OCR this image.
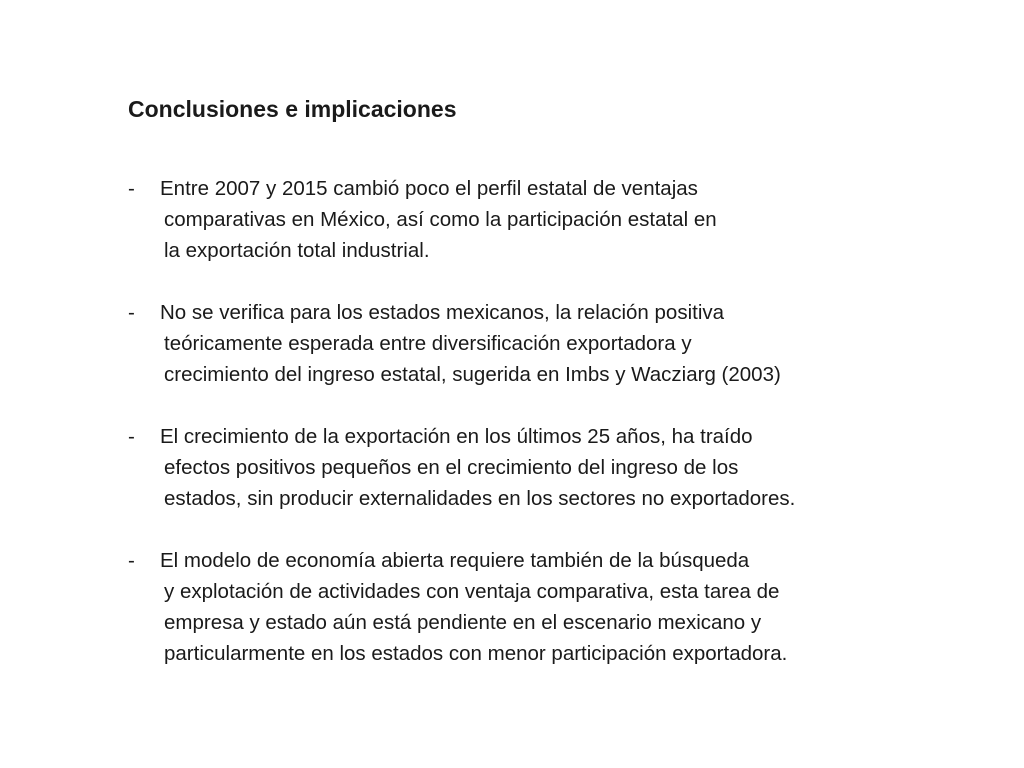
Conclusiones e implicaciones
- Entre 2007 y 2015 cambió poco el perfil estatal de ventajas
comparativas en México, así como la participación estatal en
la exportación total industrial.
- No se verifica para los estados mexicanos, la relación positiva
teóricamente esperada entre diversificación exportadora y
crecimiento del ingreso estatal, sugerida en Imbs y Wacziarg (2003)
- El crecimiento de la exportación en los últimos 25 años, ha traído
efectos positivos pequeños en el crecimiento del ingreso de los
estados, sin producir externalidades en los sectores no exportadores.
- El modelo de economía abierta requiere también de la búsqueda
y explotación de actividades con ventaja comparativa, esta tarea de
empresa y estado aún está pendiente en el escenario mexicano y
particularmente en los estados con menor participación exportadora.
